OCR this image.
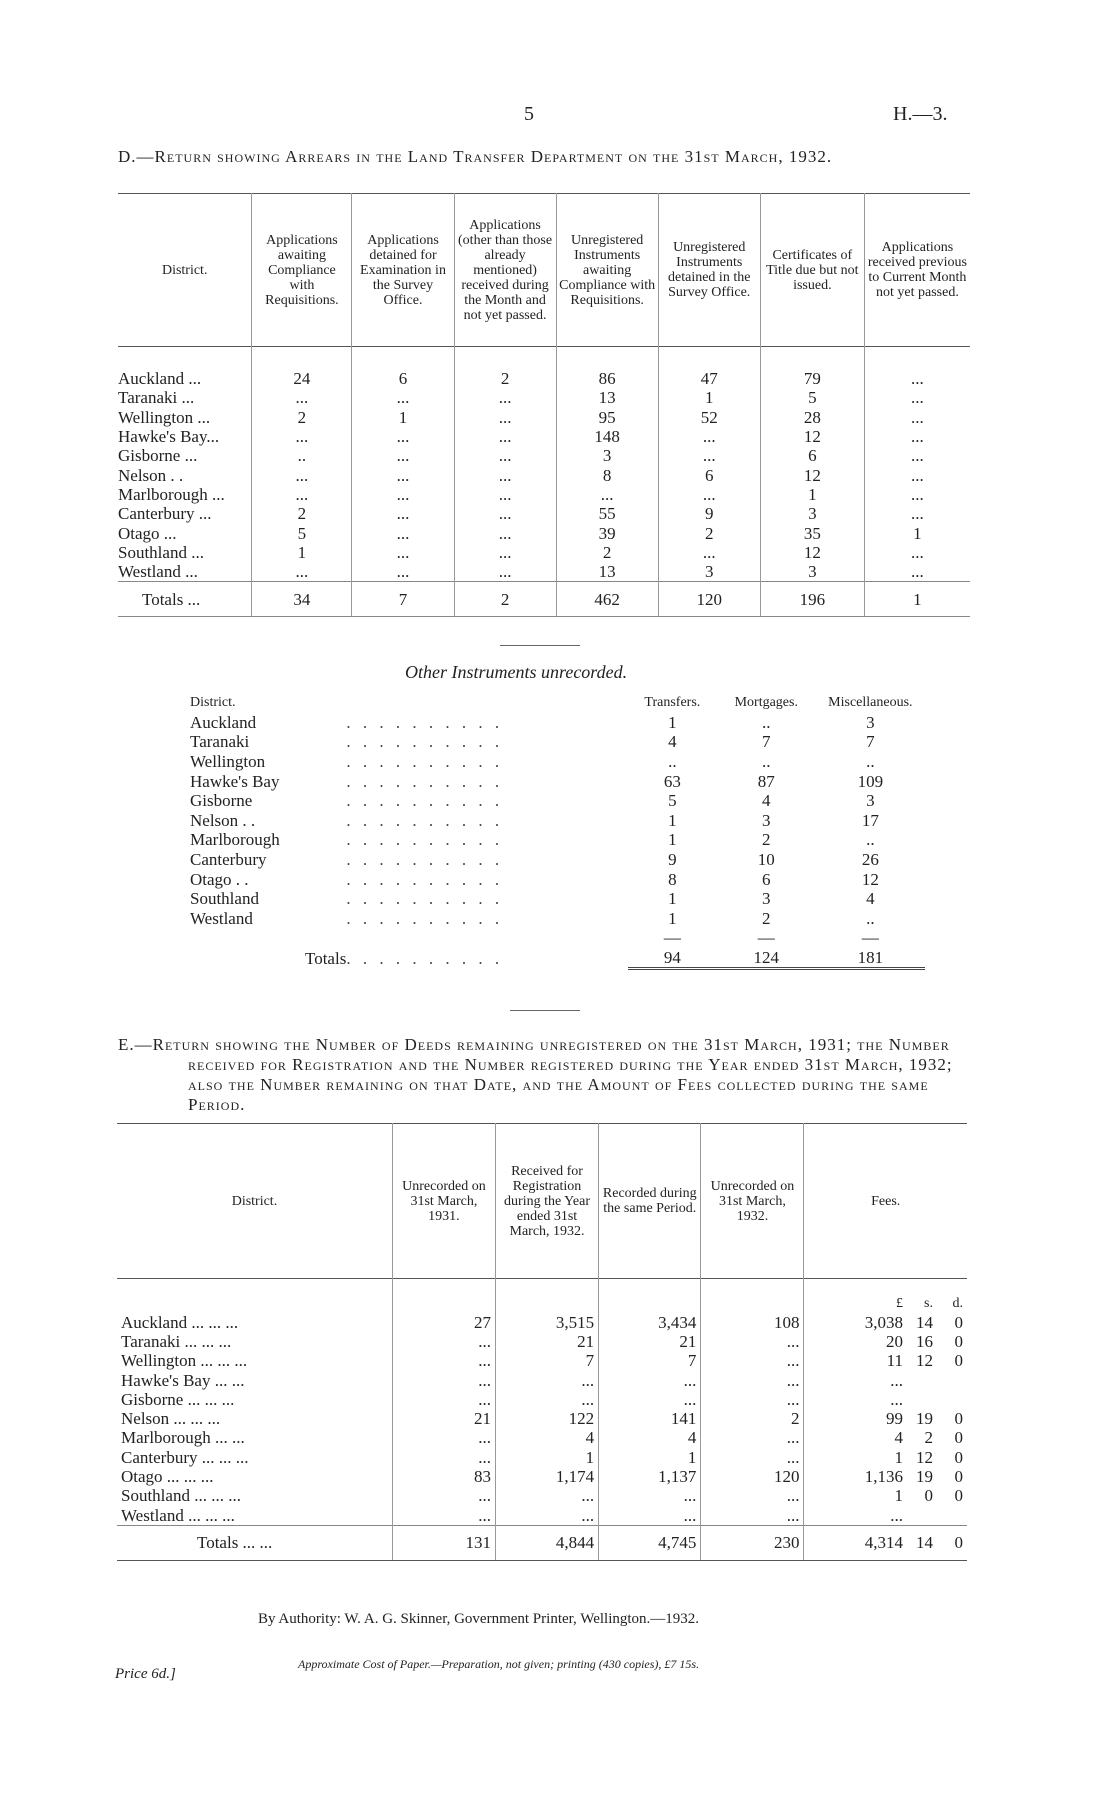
5	H.—3.
D.—Return showing Arrears in the Land Transfer Department on the 31st March, 1932.
District.	Applications awaiting Compliance with Requisitions.	Applications detained for Examination in the Survey Office.	Applications (other than those already mentioned) received during the Month and not yet passed.	Unregistered Instruments awaiting Compliance with Requisitions.	Unregistered Instruments detained in the Survey Office.	Certificates of Title due but not issued.	Applications received previous to Current Month not yet passed.

Auckland ...	24	6	2	86	47	79	...
Taranaki ...	...	...	...	13	1	5	...
Wellington ...	2	1	...	95	52	28	...
Hawke's Bay...	...	...	...	148	...	12	...
Gisborne ...	..	...	...	3	...	6	...
Nelson . .	...	...	...	8	6	12	...
Marlborough ...	...	...	...	...	...	1	...
Canterbury ...	2	...	...	55	9	3	...
Otago ...	5	...	...	39	2	35	1
Southland ...	1	...	...	2	...	12	...
Westland ...	...	...	...	13	3	3	...
Totals ...	34	7	2	462	120	196	1
Other Instruments unrecorded.
District.		Transfers.	Mortgages.	Miscellaneous.
Auckland	. . . . . . . . . .	1	..	3
Taranaki	. . . . . . . . . .	4	7	7
Wellington	. . . . . . . . . .	..	..	..
Hawke's Bay	. . . . . . . . . .	63	87	109
Gisborne	. . . . . . . . . .	5	4	3
Nelson . .	. . . . . . . . . .	1	3	17
Marlborough	. . . . . . . . . .	1	2	..
Canterbury	. . . . . . . . . .	9	10	26
Otago . .	. . . . . . . . . .	8	6	12
Southland	. . . . . . . . . .	1	3	4
Westland	. . . . . . . . . .	1	2	..
		—	—	—
Totals	. . . . . . . . . .	94	124	181
E.—Return showing the Number of Deeds remaining unregistered on the 31st March, 1931; the Number received for Registration and the Number registered during the Year ended 31st March, 1932; also the Number remaining on that Date, and the Amount of Fees collected during the same Period.
District.	Unrecorded on 31st March, 1931.	Received for Registration during the Year ended 31st March, 1932.	Recorded during the same Period.	Unrecorded on 31st March, 1932.	Fees.

					£ s. d.

Auckland ... ... ...	27	3,515	3,434	108	3,038 14 0

Taranaki ... ... ...	...	21	21	...	20 16 0

Wellington ... ... ...	...	7	7	...	11 12 0

Hawke's Bay ... ...	...	...	...	...	...

Gisborne ... ... ...	...	...	...	...	...

Nelson ... ... ...	21	122	141	2	99 19 0

Marlborough ... ...	...	4	4	...	4 2 0

Canterbury ... ... ...	...	1	1	...	1 12 0

Otago ... ... ...	83	1,174	1,137	120	1,136 19 0

Southland ... ... ...	...	...	...	...	1 0 0

Westland ... ... ...	...	...	...	...	...

Totals ... ...	131	4,844	4,745	230	4,314 14 0
By Authority: W. A. G. Skinner, Government Printer, Wellington.—1932.
Approximate Cost of Paper.—Preparation, not given; printing (430 copies), £7 15s.
Price 6d.]
